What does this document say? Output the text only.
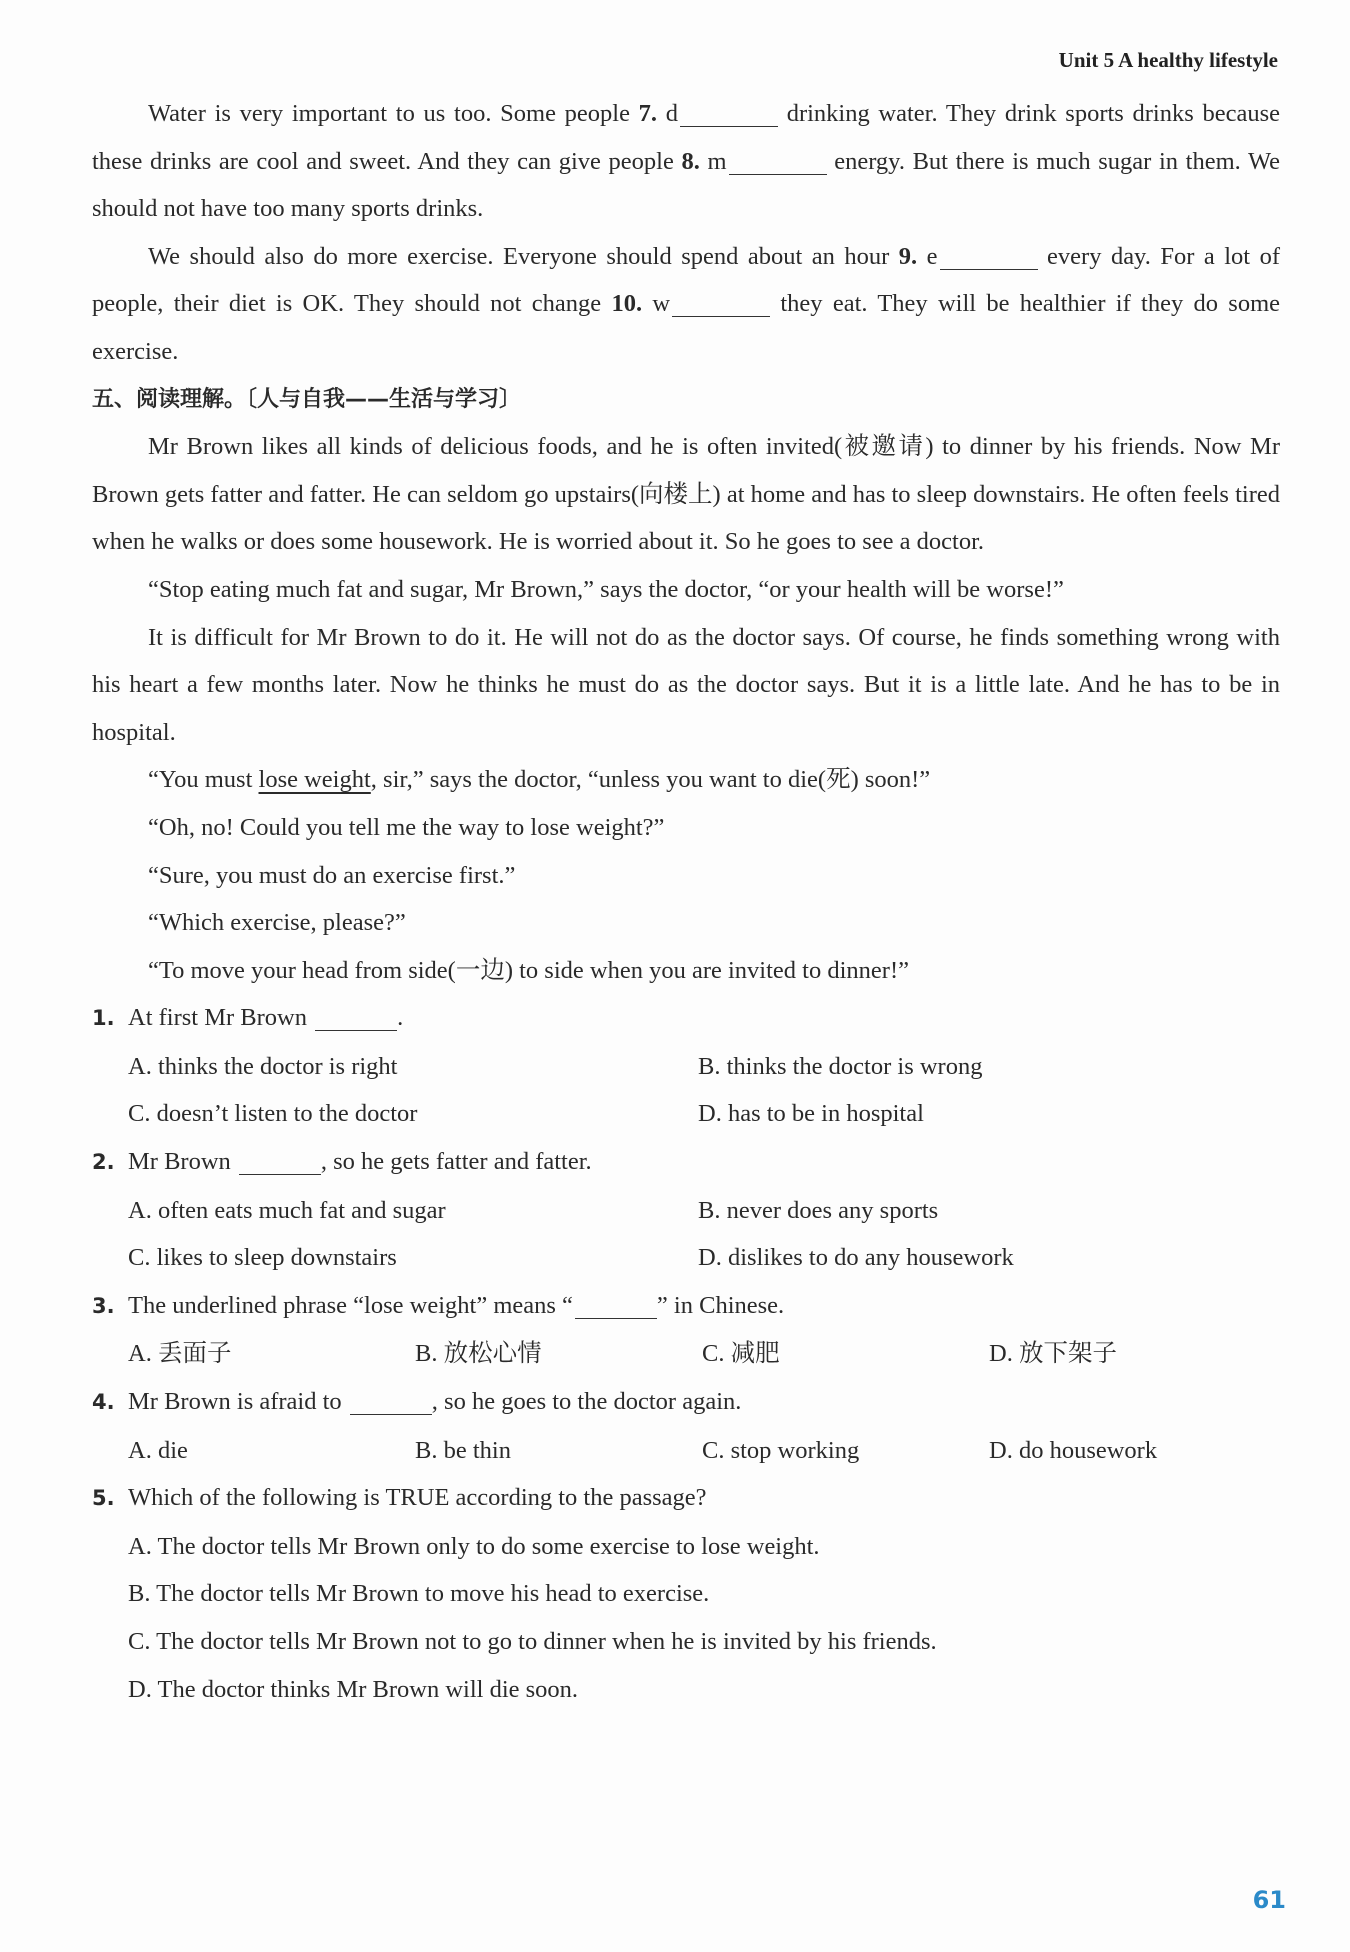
Unit 5 A healthy lifestyle

Water is very important to us too. Some people 7. d	drinking water. They drink sports drinks because these drinks are cool and sweet. And they can give people 8. m	energy. But there is much sugar in them. We should not have too many sports drinks.

We should also do more exercise. Everyone should spend about an hour 9. e	every day. For a lot of people, their diet is OK. They should not change 10. w	they eat. They will be healthier if they do some exercise.

五、阅读理解。〔人与自我——生活与学习〕

Mr Brown likes all kinds of delicious foods, and he is often invited(被邀请) to dinner by his friends. Now Mr Brown gets fatter and fatter. He can seldom go upstairs(向楼上) at home and has to sleep downstairs. He often feels tired when he walks or does some housework. He is worried about it. So he goes to see a doctor.

“Stop eating much fat and sugar, Mr Brown,” says the doctor, “or your health will be worse!”

It is difficult for Mr Brown to do it. He will not do as the doctor says. Of course, he finds something wrong with his heart a few months later. Now he thinks he must do as the doctor says. But it is a little late. And he has to be in hospital.

“You must lose weight, sir,” says the doctor, “unless you want to die(死) soon!”

“Oh, no! Could you tell me the way to lose weight?”

“Sure, you must do an exercise first.”

“Which exercise, please?”

“To move your head from side(一边) to side when you are invited to dinner!”

1. At first Mr Brown	.

A. thinks the doctor is right	B. thinks the doctor is wrong
C. doesn’t listen to the doctor	D. has to be in hospital

2. Mr Brown	, so he gets fatter and fatter.

A. often eats much fat and sugar	B. never does any sports
C. likes to sleep downstairs	D. dislikes to do any housework

3. The underlined phrase “lose weight” means “	” in Chinese.

A. 丢面子	B. 放松心情	C. 减肥	D. 放下架子

4. Mr Brown is afraid to	, so he goes to the doctor again.

A. die	B. be thin	C. stop working	D. do housework

5. Which of the following is TRUE according to the passage?

A. The doctor tells Mr Brown only to do some exercise to lose weight.

B. The doctor tells Mr Brown to move his head to exercise.

C. The doctor tells Mr Brown not to go to dinner when he is invited by his friends.

D. The doctor thinks Mr Brown will die soon.

61
